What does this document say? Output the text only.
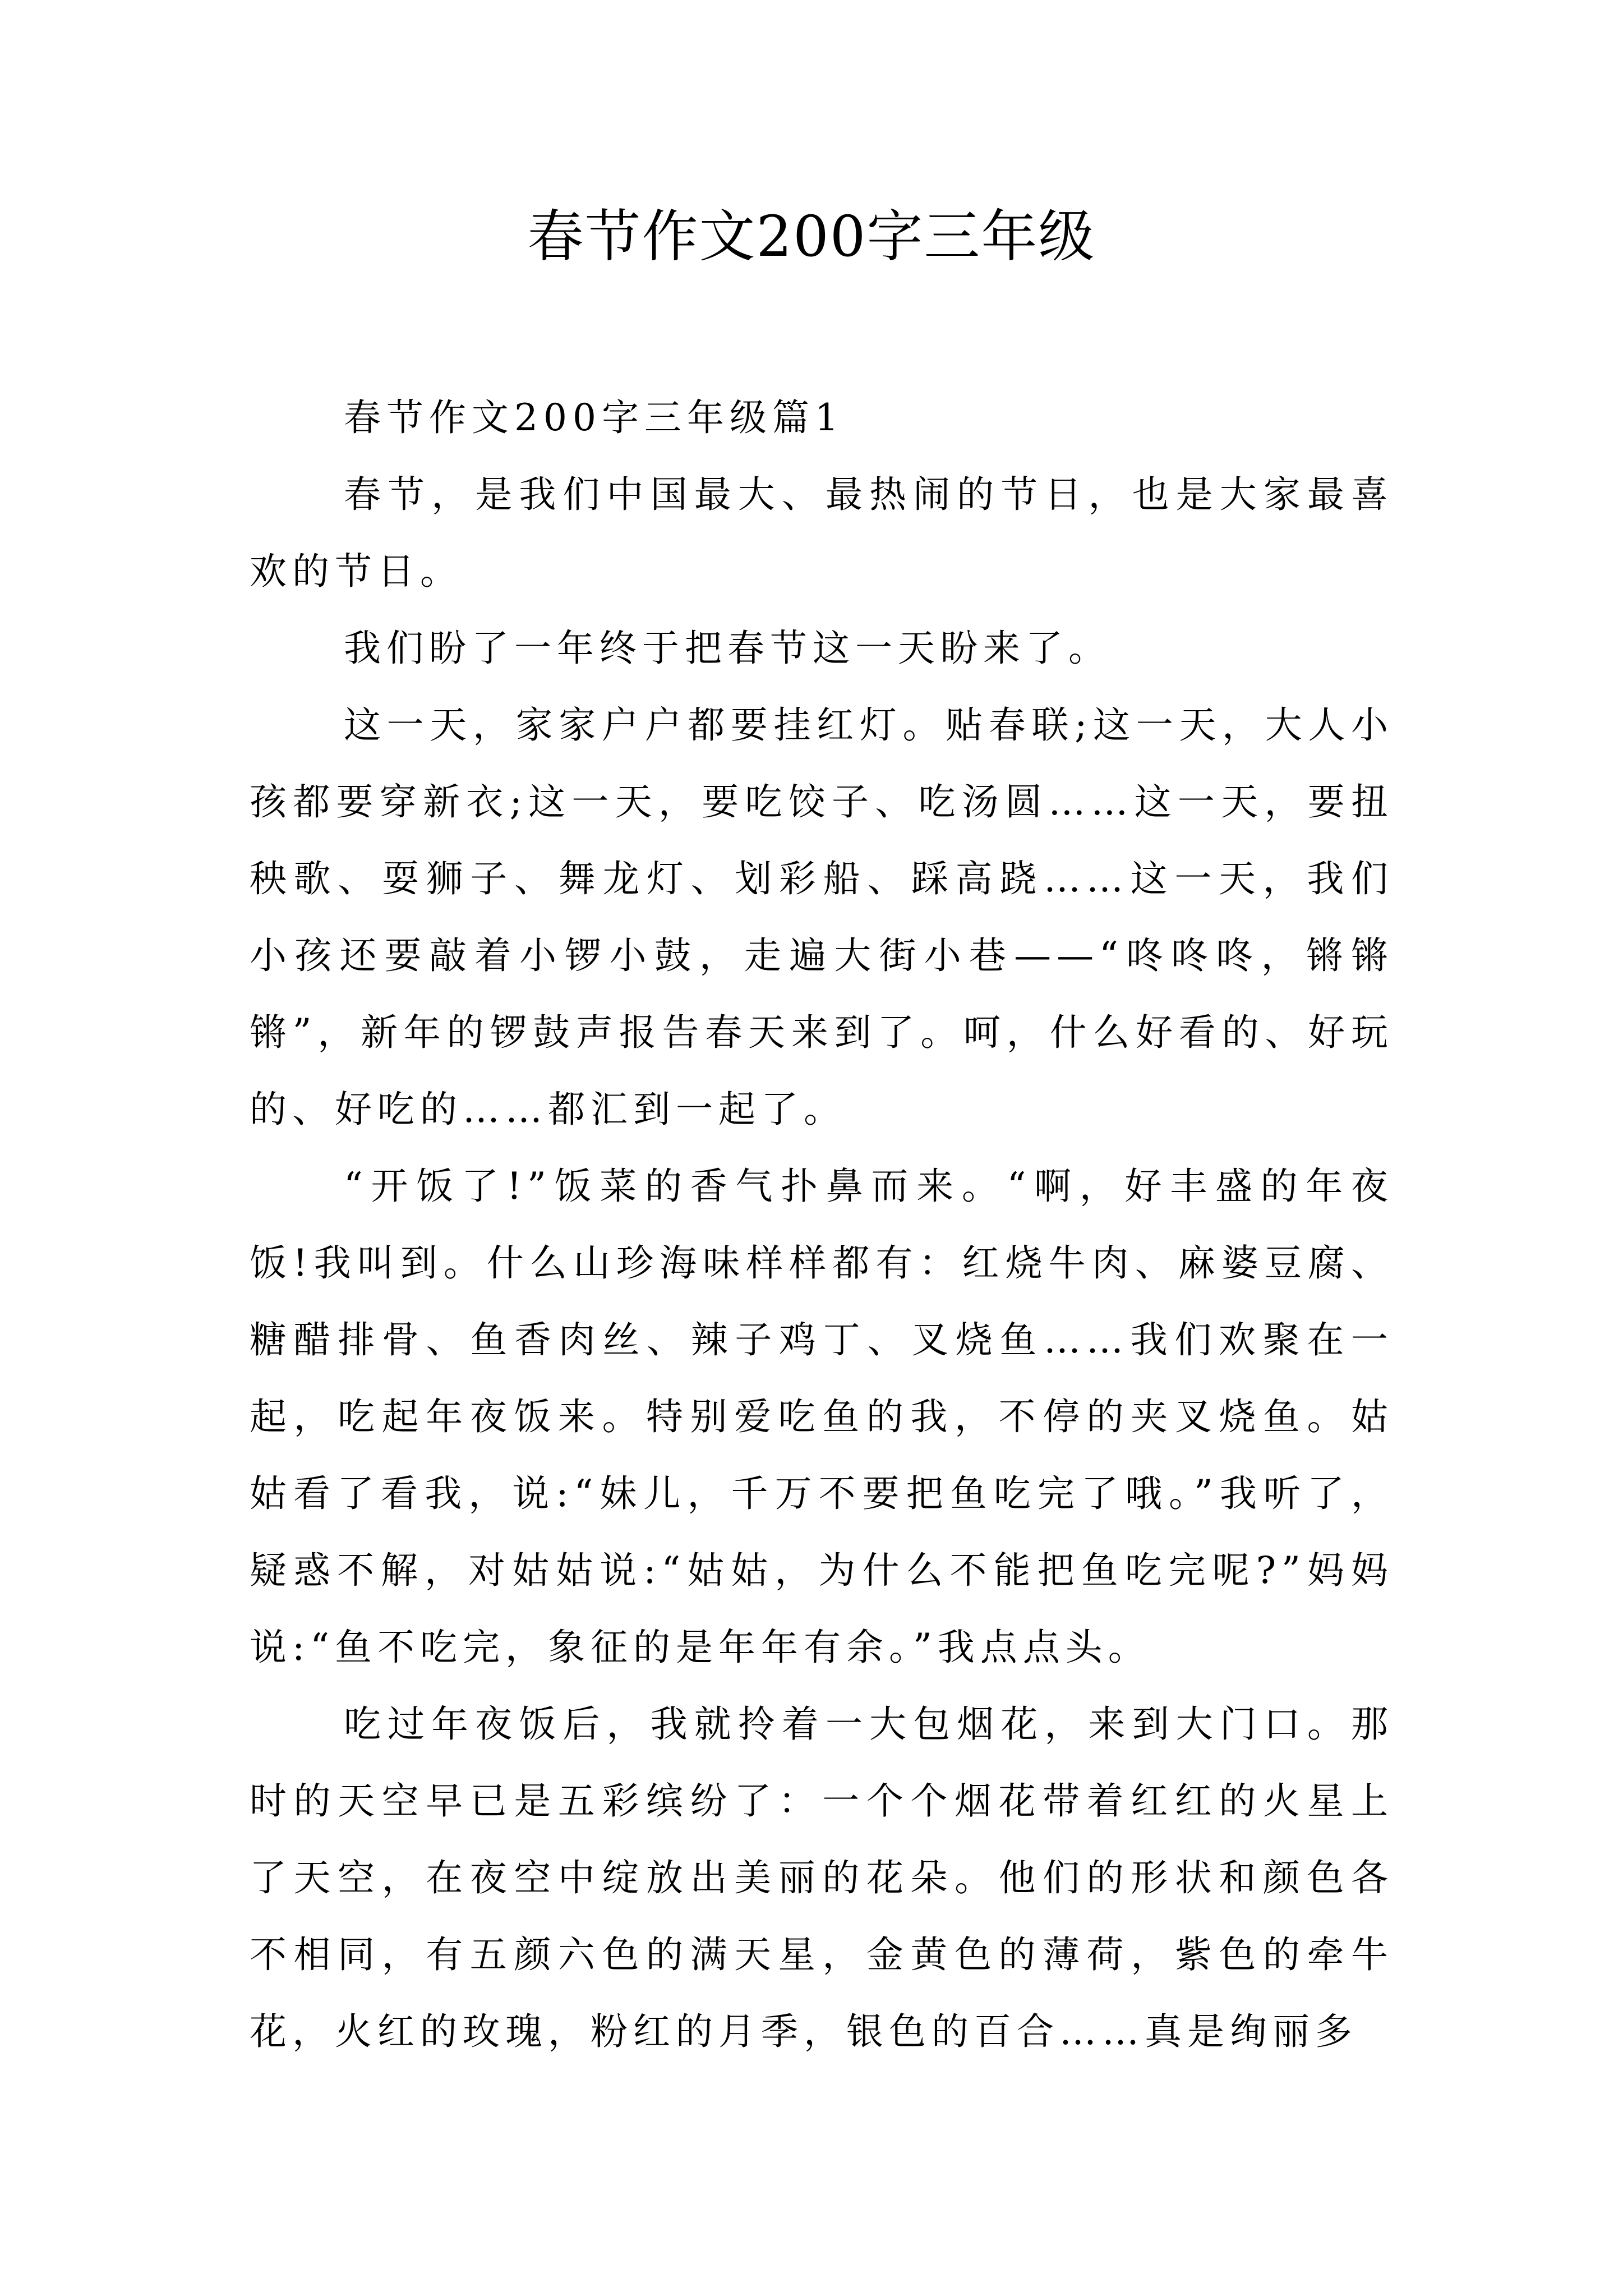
春节作文200字三年级

春节作文200字三年级篇1

春节，是我们中国最大、最热闹的节日，也是大家最喜欢的节日。

我们盼了一年终于把春节这一天盼来了。

这一天，家家户户都要挂红灯。贴春联;这一天，大人小孩都要穿新衣;这一天，要吃饺子、吃汤圆……这一天，要扭秧歌、耍狮子、舞龙灯、划彩船、踩高跷……这一天，我们小孩还要敲着小锣小鼓，走遍大街小巷——“咚咚咚，锵锵锵”，新年的锣鼓声报告春天来到了。呵，什么好看的、好玩的、好吃的……都汇到一起了。

“开饭了!”饭菜的香气扑鼻而来。“啊，好丰盛的年夜饭!我叫到。什么山珍海味样样都有：红烧牛肉、麻婆豆腐、糖醋排骨、鱼香肉丝、辣子鸡丁、叉烧鱼……我们欢聚在一起，吃起年夜饭来。特别爱吃鱼的我，不停的夹叉烧鱼。姑姑看了看我，说:“妹儿，千万不要把鱼吃完了哦。”我听了，疑惑不解，对姑姑说:“姑姑，为什么不能把鱼吃完呢?”妈妈说:“鱼不吃完，象征的是年年有余。”我点点头。

吃过年夜饭后，我就拎着一大包烟花，来到大门口。那时的天空早已是五彩缤纷了：一个个烟花带着红红的火星上了天空，在夜空中绽放出美丽的花朵。他们的形状和颜色各不相同，有五颜六色的满天星，金黄色的薄荷，紫色的牵牛花，火红的玫瑰，粉红的月季，银色的百合……真是绚丽多
